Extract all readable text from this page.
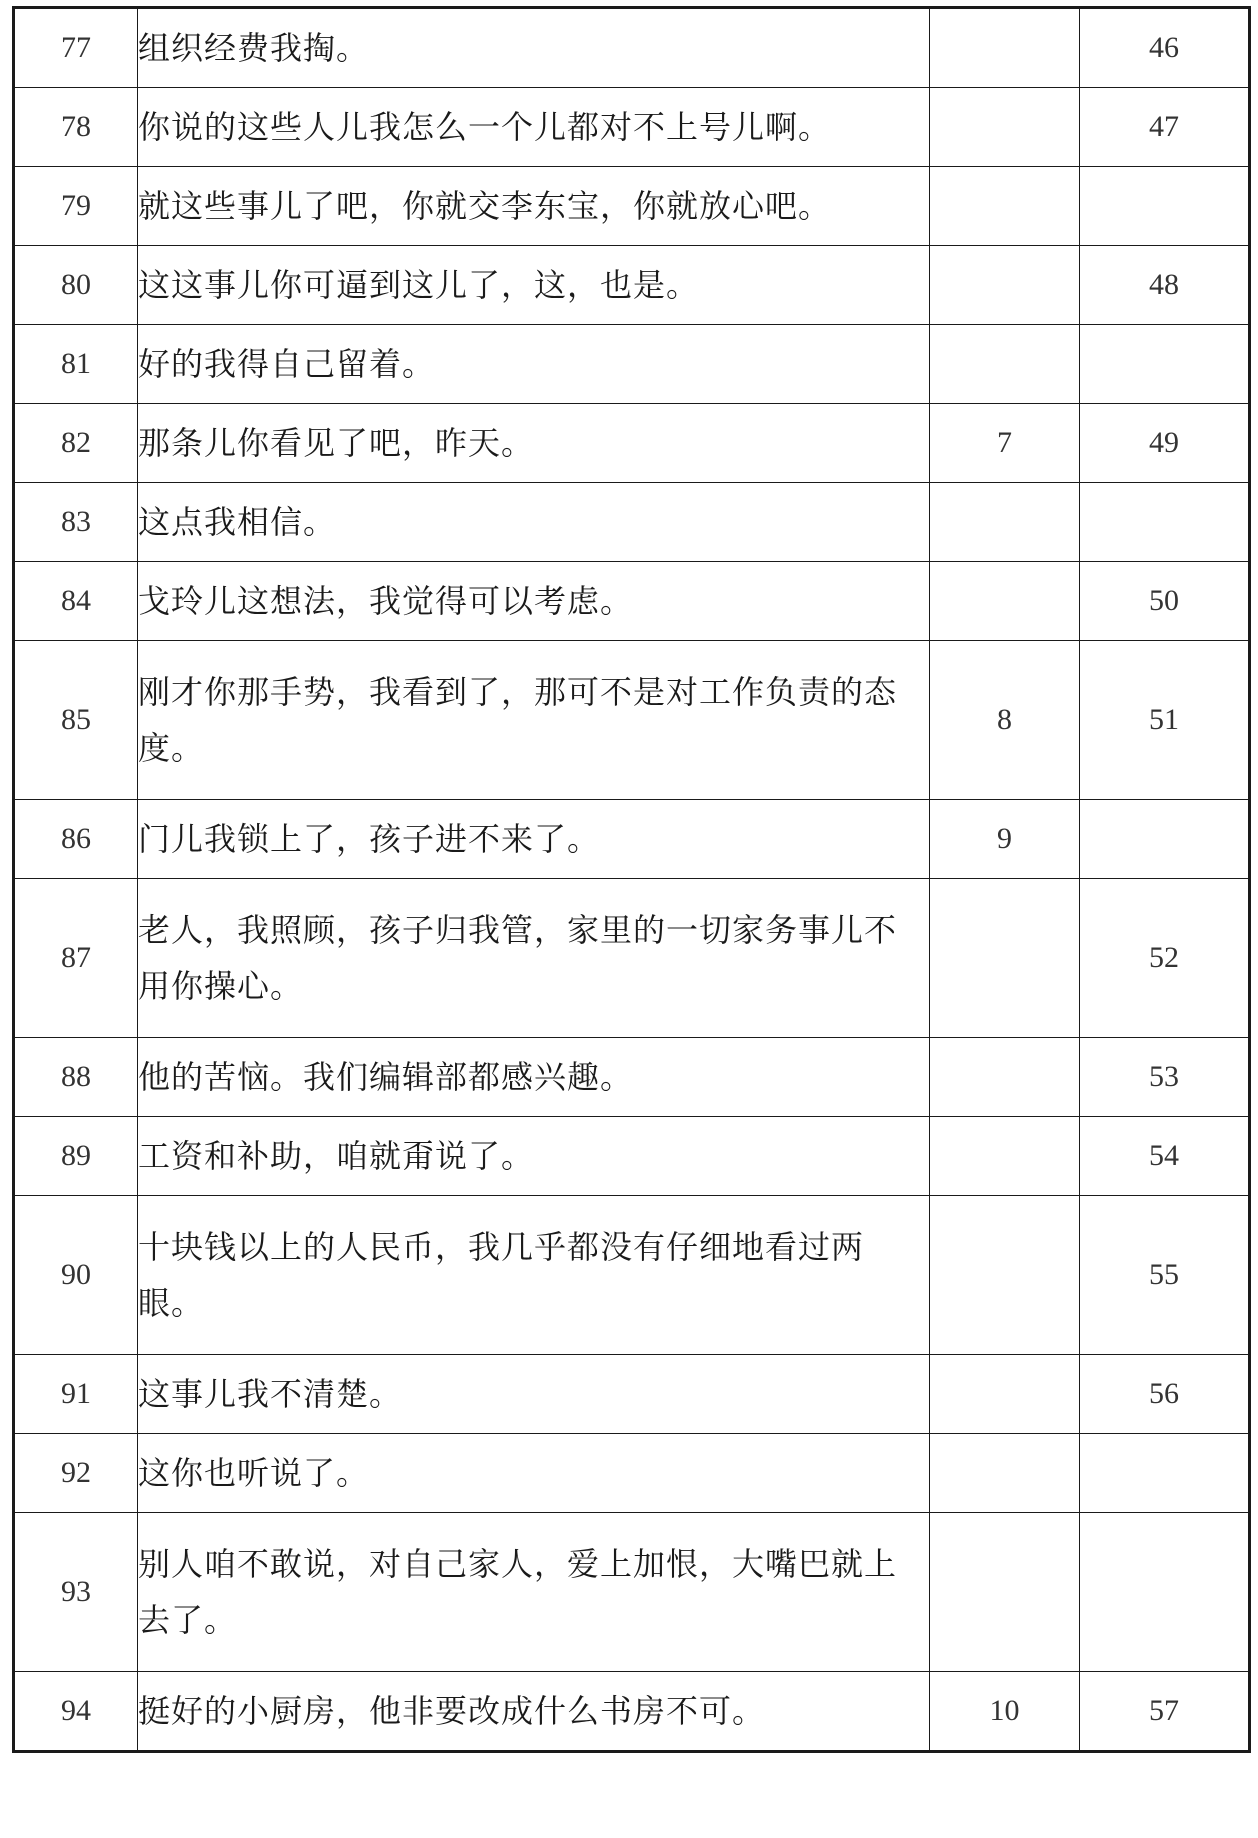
77	组织经费我掏。		46
78	你说的这些人儿我怎么一个儿都对不上号儿啊。		47
79	就这些事儿了吧，你就交李东宝，你就放心吧。		
80	这这事儿你可逼到这儿了，这，也是。		48
81	好的我得自己留着。		
82	那条儿你看见了吧，昨天。	7	49
83	这点我相信。		
84	戈玲儿这想法，我觉得可以考虑。		50
85	刚才你那手势，我看到了，那可不是对工作负责的态度。	8	51
86	门儿我锁上了，孩子进不来了。	9	
87	老人，我照顾，孩子归我管，家里的一切家务事儿不用你操心。		52
88	他的苦恼。我们编辑部都感兴趣。		53
89	工资和补助，咱就甭说了。		54
90	十块钱以上的人民币，我几乎都没有仔细地看过两眼。		55
91	这事儿我不清楚。		56
92	这你也听说了。		
93	别人咱不敢说，对自己家人，爱上加恨，大嘴巴就上去了。		
94	挺好的小厨房，他非要改成什么书房不可。	10	57
